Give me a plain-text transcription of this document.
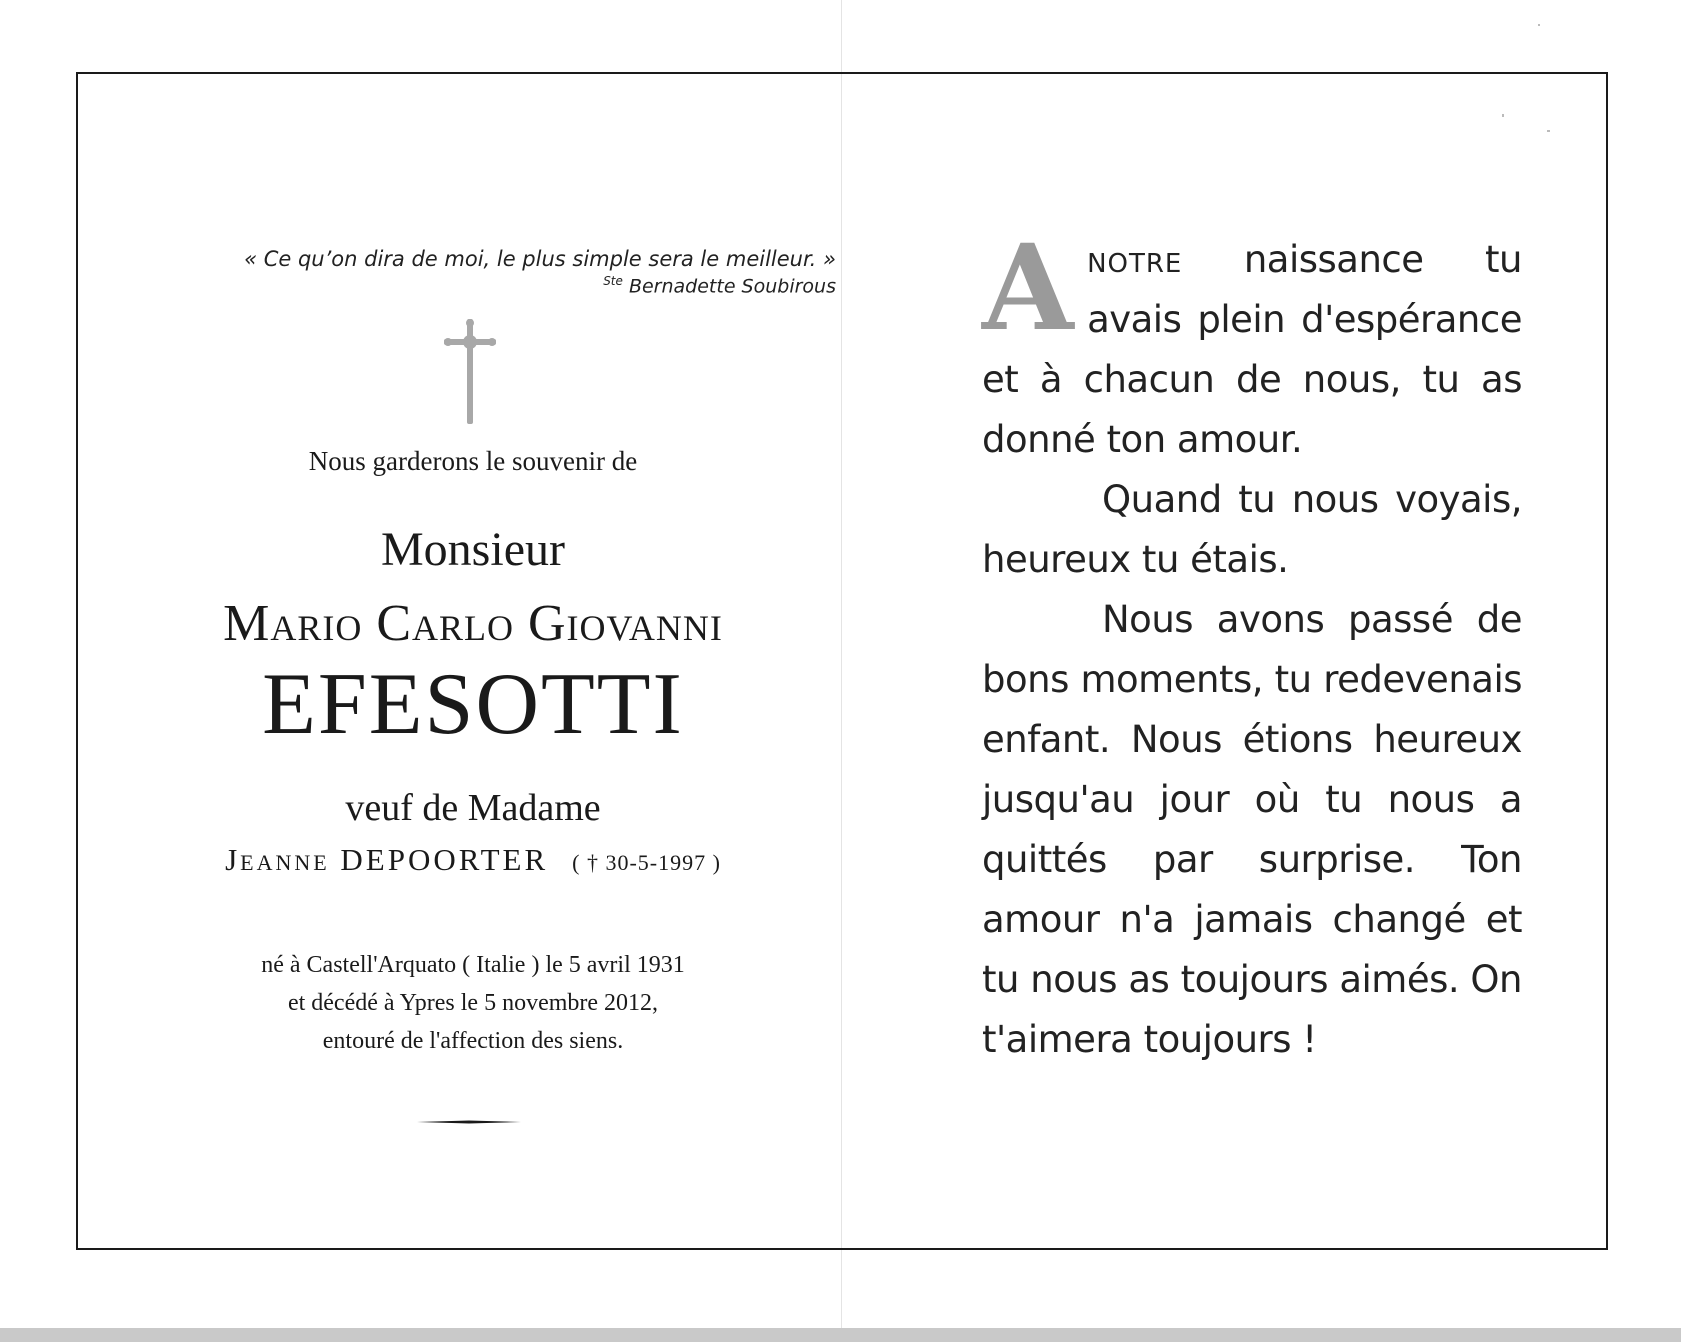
« Ce qu’on dira de moi, le plus simple sera le meilleur. »
$^{Ste}$ Bernadette Soubirous
Nous garderons le souvenir de
Monsieur
Mario Carlo Giovanni
EFESOTTI
veuf de Madame
Jeanne DEPOORTER ( † 30-5-1997 )
né à Castell'Arquato ( Italie ) le 5 avril 1931
et décédé à Ypres le 5 novembre 2012,
entouré de l'affection des siens.

Anotre naissance tu avais plein d'espérance et à chacun de nous, tu as donné ton amour.

Quand tu nous voyais, heureux tu étais.

Nous avons passé de bons moments, tu redevenais enfant. Nous étions heureux jusqu'au jour où tu nous a quittés par surprise. Ton amour n'a jamais changé et tu nous as toujours aimés. On t'aimera toujours !
